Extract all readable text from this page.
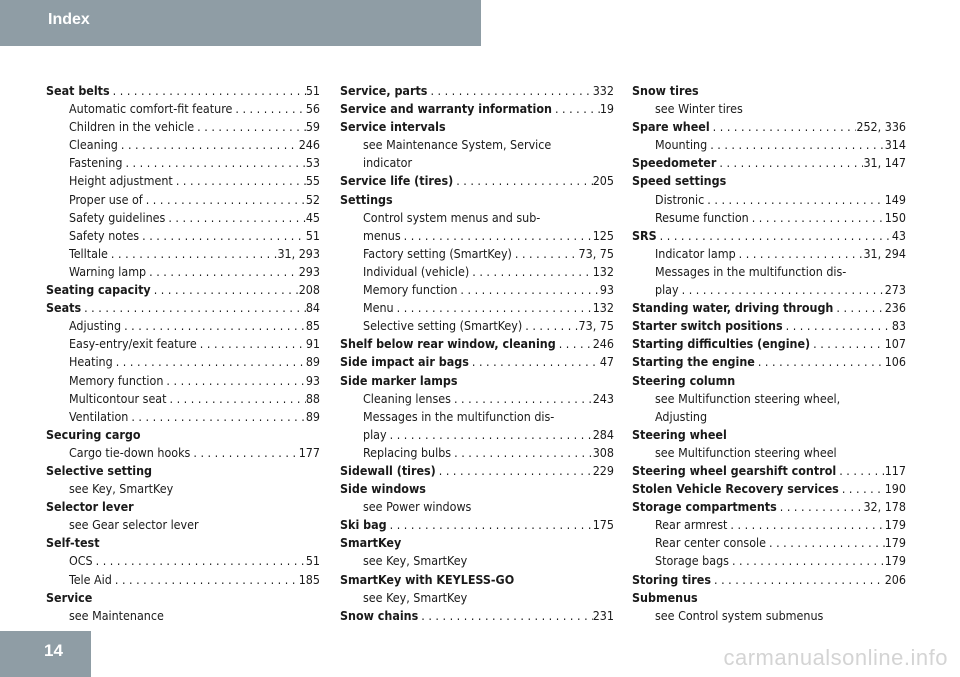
Index
Seat belts . . .	51
Automatic comfort-fit feature . . .	56
Children in the vehicle . . .	59
Cleaning . . .	246
Fastening . . .	53
Height adjustment . . .	55
Proper use of . . .	52
Safety guidelines . . .	45
Safety notes . . .	51
Telltale . . .	31, 293
Warning lamp . . .	293
Seating capacity . . .	208
Seats . . .	84
Adjusting . . .	85
Easy-entry/exit feature . . .	91
Heating . . .	89
Memory function . . .	93
Multicontour seat . . .	88
Ventilation . . .	89
Securing cargo
Cargo tie-down hooks . . .	177
Selective setting
see Key, SmartKey
Selector lever
see Gear selector lever
Self-test
OCS . . .	51
Tele Aid . . .	185
Service
see Maintenance
Service, parts . . .	332
Service and warranty information . . .	19
Service intervals
see Maintenance System, Service
indicator
Service life (tires) . . .	205
Settings
Control system menus and sub-
menus . . .	125
Factory setting (SmartKey) . . .	73, 75
Individual (vehicle) . . .	132
Memory function . . .	93
Menu . . .	132
Selective setting (SmartKey) . . .	73, 75
Shelf below rear window, cleaning . . .	246
Side impact air bags . . .	47
Side marker lamps
Cleaning lenses . . .	243
Messages in the multifunction dis-
play . . .	284
Replacing bulbs . . .	308
Sidewall (tires) . . .	229
Side windows
see Power windows
Ski bag . . .	175
SmartKey
see Key, SmartKey
SmartKey with KEYLESS-GO
see Key, SmartKey
Snow chains . . .	231
Snow tires
see Winter tires
Spare wheel . . .	252, 336
Mounting . . .	314
Speedometer . . .	31, 147
Speed settings
Distronic . . .	149
Resume function . . .	150
SRS . . .	43
Indicator lamp . . .	31, 294
Messages in the multifunction dis-
play . . .	273
Standing water, driving through . . .	236
Starter switch positions . . .	83
Starting difficulties (engine) . . .	107
Starting the engine . . .	106
Steering column
see Multifunction steering wheel,
Adjusting
Steering wheel
see Multifunction steering wheel
Steering wheel gearshift control . . .	117
Stolen Vehicle Recovery services . . .	190
Storage compartments . . .	32, 178
Rear armrest . . .	179
Rear center console . . .	179
Storage bags . . .	179
Storing tires . . .	206
Submenus
see Control system submenus
14	carmanualsonline.info
